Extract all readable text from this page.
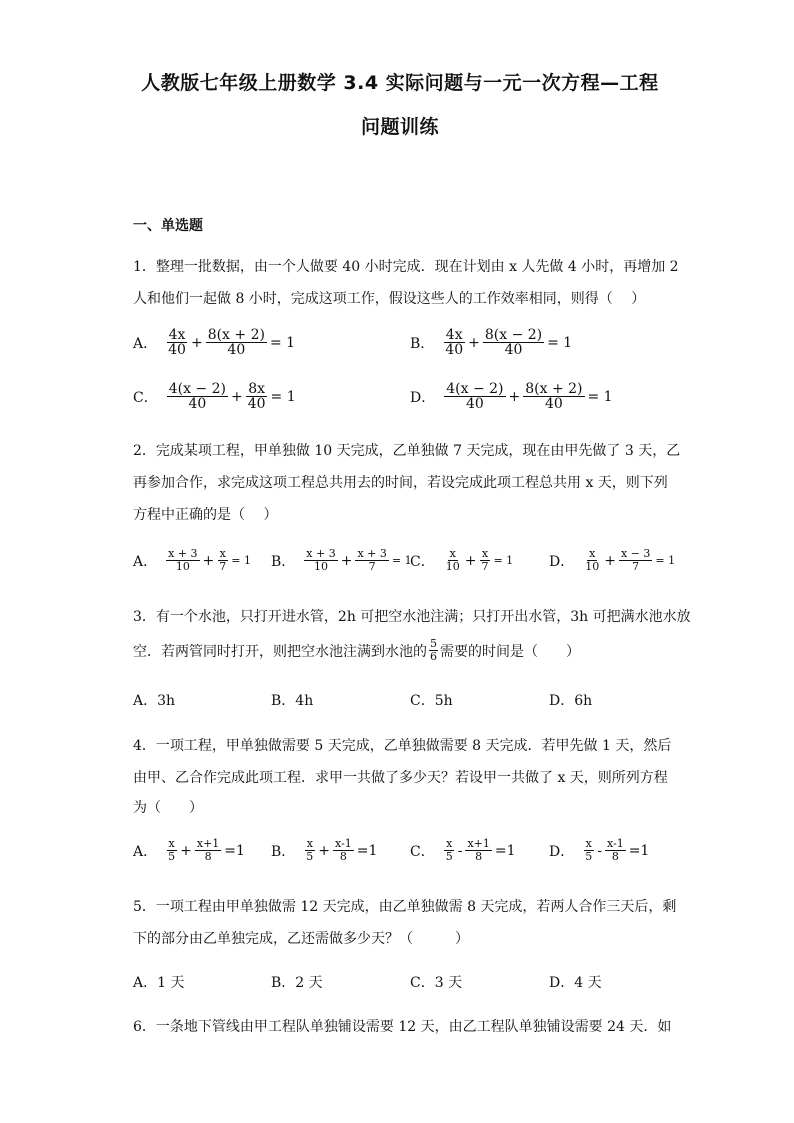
人教版七年级上册数学 3.4 实际问题与一元一次方程—工程
问题训练
一、单选题
1．整理一批数据，由一个人做要 40 小时完成．现在计划由 x 人先做 4 小时，再增加 2
人和他们一起做 8 小时，完成这项工作，假设这些人的工作效率相同，则得（　 ）
A． $\frac{4x}{40} + \frac{8(x + 2)}{40} = 1$	B． $\frac{4x}{40} + \frac{8(x - 2)}{40} = 1$
C． $\frac{4(x - 2)}{40} + \frac{8x}{40} = 1$	D． $\frac{4(x - 2)}{40} + \frac{8(x + 2)}{40} = 1$
2．完成某项工程，甲单独做 10 天完成，乙单独做 7 天完成，现在由甲先做了 3 天，乙
再参加合作，求完成这项工程总共用去的时间，若设完成此项工程总共用 x 天，则下列
方程中正确的是（　 ）
A． $\frac{x + 3}{10} + \frac{x}{7} = 1$ B． $\frac{x + 3}{10} + \frac{x + 3}{7} = 1$
C． $\frac{x}{10} + \frac{x}{7} = 1$	D． $\frac{x}{10} + \frac{x - 3}{7} = 1$
3．有一个水池，只打开进水管，2h 可把空水池注满；只打开出水管，3h 可把满水池水放
空．若两管同时打开，则把空水池注满到水池的 $\frac{5}{6}$ 需要的时间是（　　）
A．3h	B．4h	C．5h	D．6h
4．一项工程，甲单独做需要 5 天完成，乙单独做需要 8 天完成．若甲先做 1 天，然后
由甲、乙合作完成此项工程．求甲一共做了多少天？若设甲一共做了 x 天，则所列方程
为（　　）
A． $\frac{x}{5} + \frac{x+1}{8} =1$ B． $\frac{x}{5} + \frac{x-1}{8} =1$ C． $\frac{x}{5} - \frac{x+1}{8} =1$ D． $\frac{x}{5} - \frac{x-1}{8} =1$
5．一项工程由甲单独做需 12 天完成，由乙单独做需 8 天完成，若两人合作三天后，剩
下的部分由乙单独完成，乙还需做多少天？（　　　）
A．1 天	B．2 天	C．3 天	D．4 天
6．一条地下管线由甲工程队单独铺设需要 12 天，由乙工程队单独铺设需要 24 天．如
